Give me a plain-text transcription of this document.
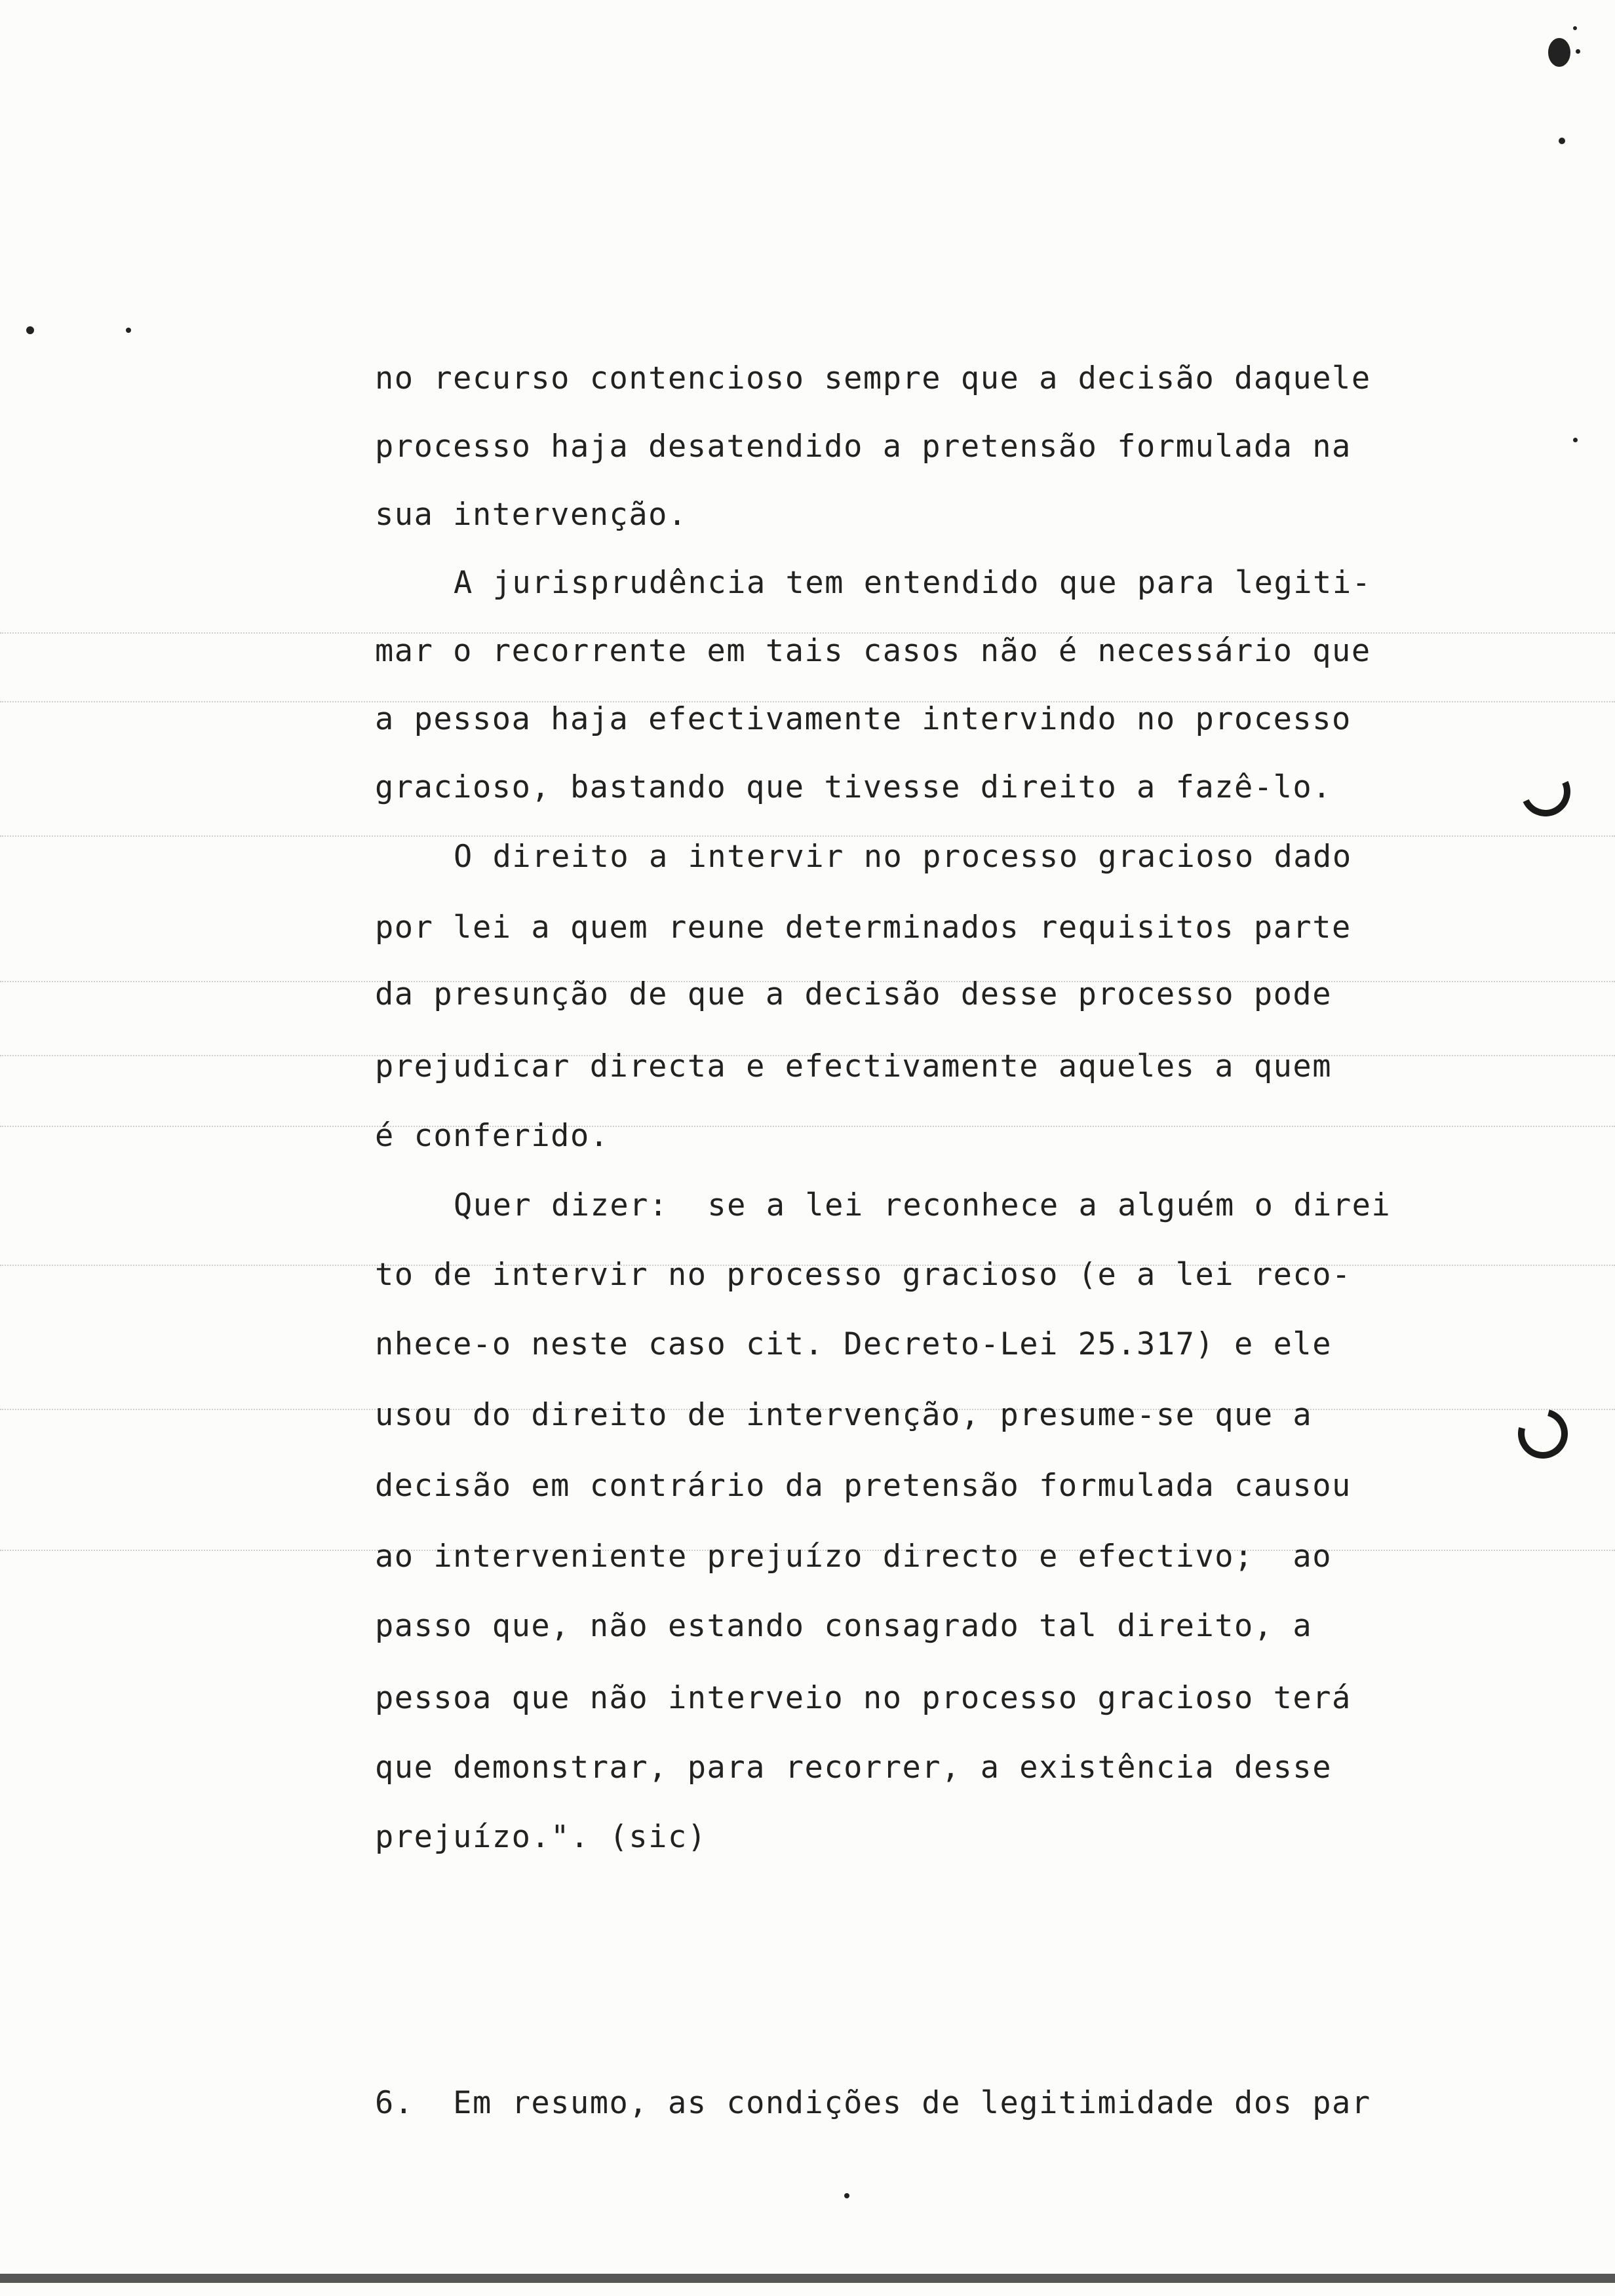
no recurso contencioso sempre que a decisão daquele
processo haja desatendido a pretensão formulada na
sua intervenção.
A jurisprudência tem entendido que para legiti-
mar o recorrente em tais casos não é necessário que
a pessoa haja efectivamente intervindo no processo
gracioso, bastando que tivesse direito a fazê-lo.
O direito a intervir no processo gracioso dado
por lei a quem reune determinados requisitos parte
da presunção de que a decisão desse processo pode
prejudicar directa e efectivamente aqueles a quem
é conferido.
Quer dizer:  se a lei reconhece a alguém o direi
to de intervir no processo gracioso (e a lei reco-
nhece-o neste caso cit. Decreto-Lei 25.317) e ele
usou do direito de intervenção, presume-se que a
decisão em contrário da pretensão formulada causou
ao interveniente prejuízo directo e efectivo;  ao
passo que, não estando consagrado tal direito, a
pessoa que não interveio no processo gracioso terá
que demonstrar, para recorrer, a existência desse
prejuízo.". (sic)
6.  Em resumo, as condições de legitimidade dos par
